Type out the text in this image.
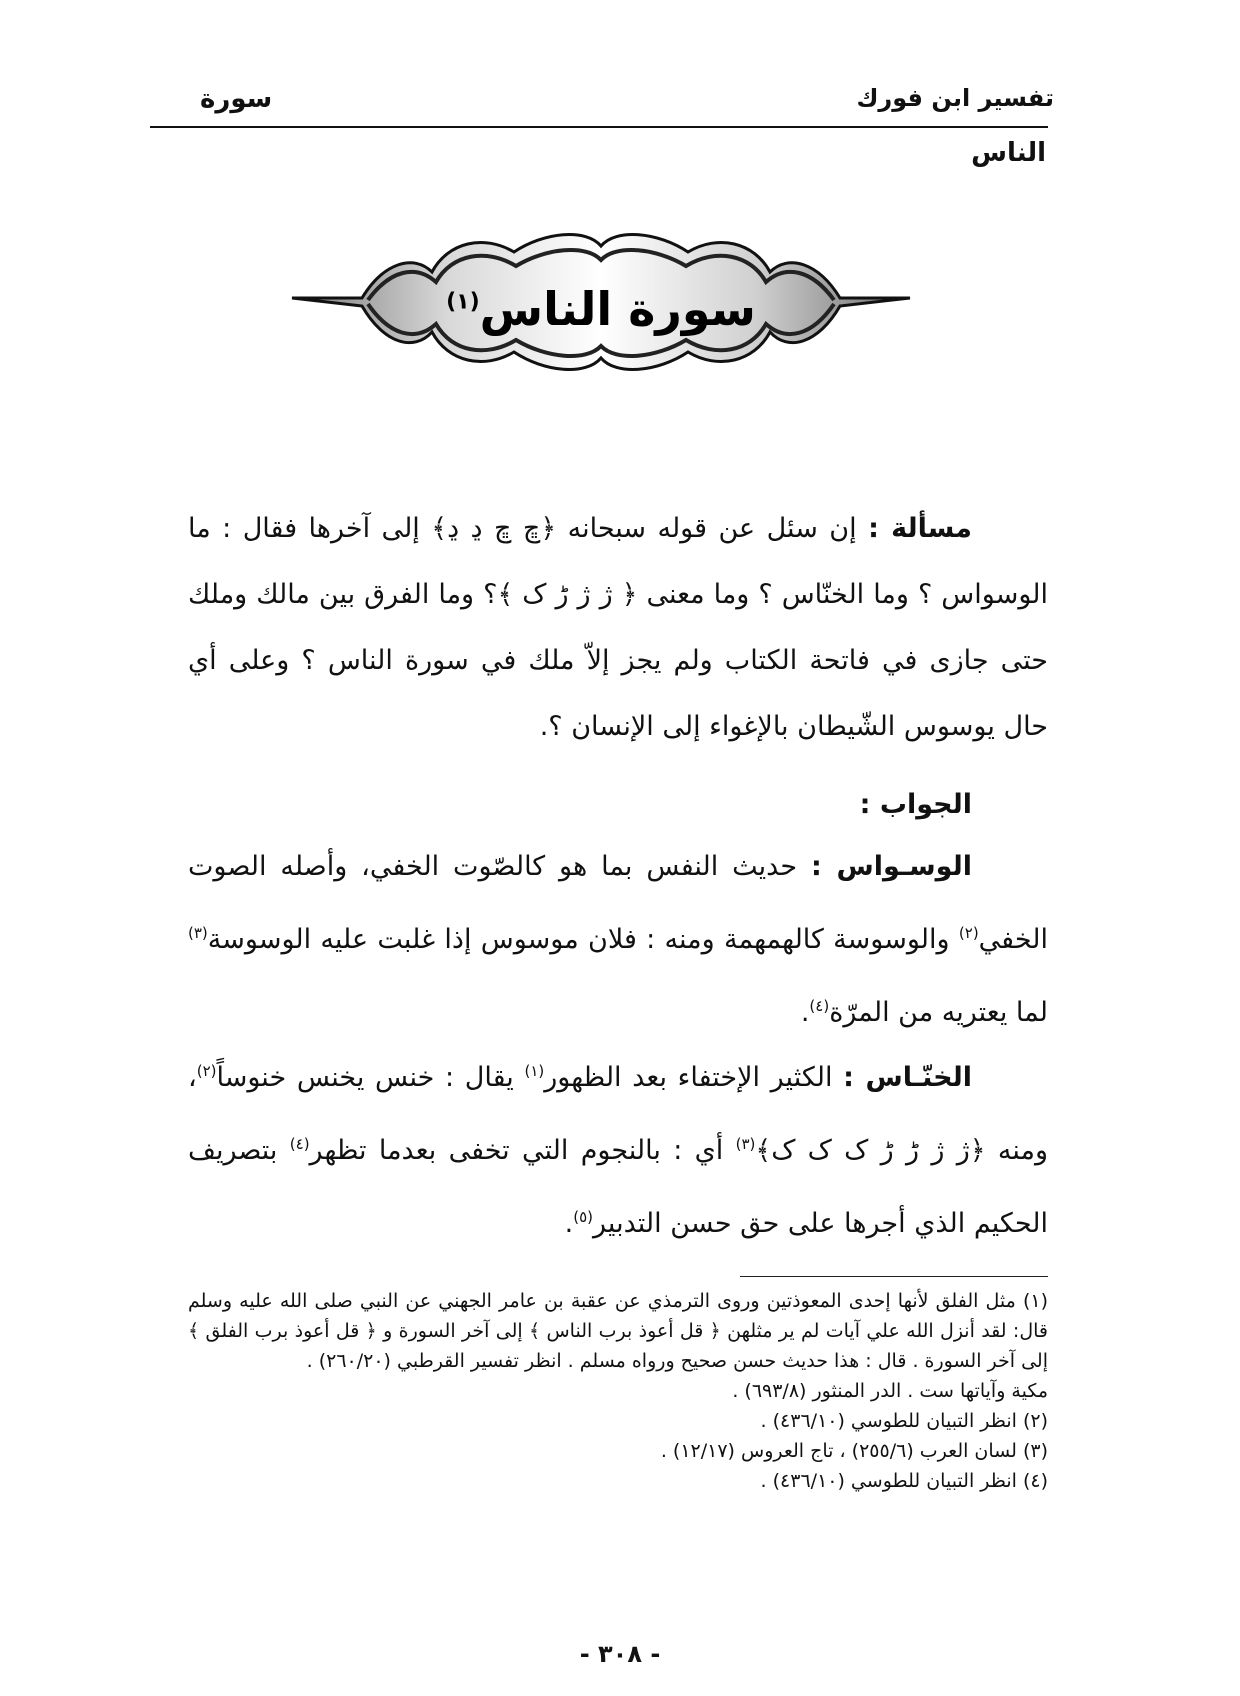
تفسير ابن فورك
سورة
الناس
سورة الناس$^{(١)}$
مسألة : إن سئل عن قوله سبحانه ﴿ڇ ڇ ڍ ڍ﴾ إلى آخرها فقال : ما الوسواس ؟ وما الخنّاس ؟ وما معنى ﴿ ژ ژ ڑ ک ﴾؟ وما الفرق بين مالك وملك حتى جازى في فاتحة الكتاب ولم يجز إلاّ ملك في سورة الناس ؟ وعلى أي حال يوسوس الشّيطان بالإغواء إلى الإنسان ؟.
الجواب :
الوسـواس : حديث النفس بما هو كالصّوت الخفي، وأصله الصوت الخفي$^{(٢)}$ والوسوسة كالهمهمة ومنه : فلان موسوس إذا غلبت عليه الوسوسة$^{(٣)}$ لما يعتريه من المرّة$^{(٤)}$.
الخنّـاس : الكثير الإختفاء بعد الظهور$^{(١)}$ يقال : خنس يخنس خنوساً$^{(٢)}$، ومنه ﴿ژ ژ ڑ ڑ ک ک ک﴾$^{(٣)}$ أي : بالنجوم التي تخفى بعدما تظهر$^{(٤)}$ بتصريف الحكيم الذي أجرها على حق حسن التدبير$^{(٥)}$.

(١) مثل الفلق لأنها إحدى المعوذتين وروى الترمذي عن عقبة بن عامر الجهني عن النبي صلى الله عليه وسلم قال: لقد أنزل الله علي آيات لم ير مثلهن ﴿ قل أعوذ برب الناس ﴾ إلى آخر السورة و ﴿ قل أعوذ برب الفلق ﴾ إلى آخر السورة . قال : هذا حديث حسن صحيح ورواه مسلم . انظر تفسير القرطبي (٢٦٠/٢٠) .

مكية وآياتها ست . الدر المنثور (٦٩٣/٨) .

(٢) انظر التبيان للطوسي (٤٣٦/١٠) .

(٣) لسان العرب (٢٥٥/٦) ، تاج العروس (١٢/١٧) .

(٤) انظر التبيان للطوسي (٤٣٦/١٠) .

- ٣٠٨ -
